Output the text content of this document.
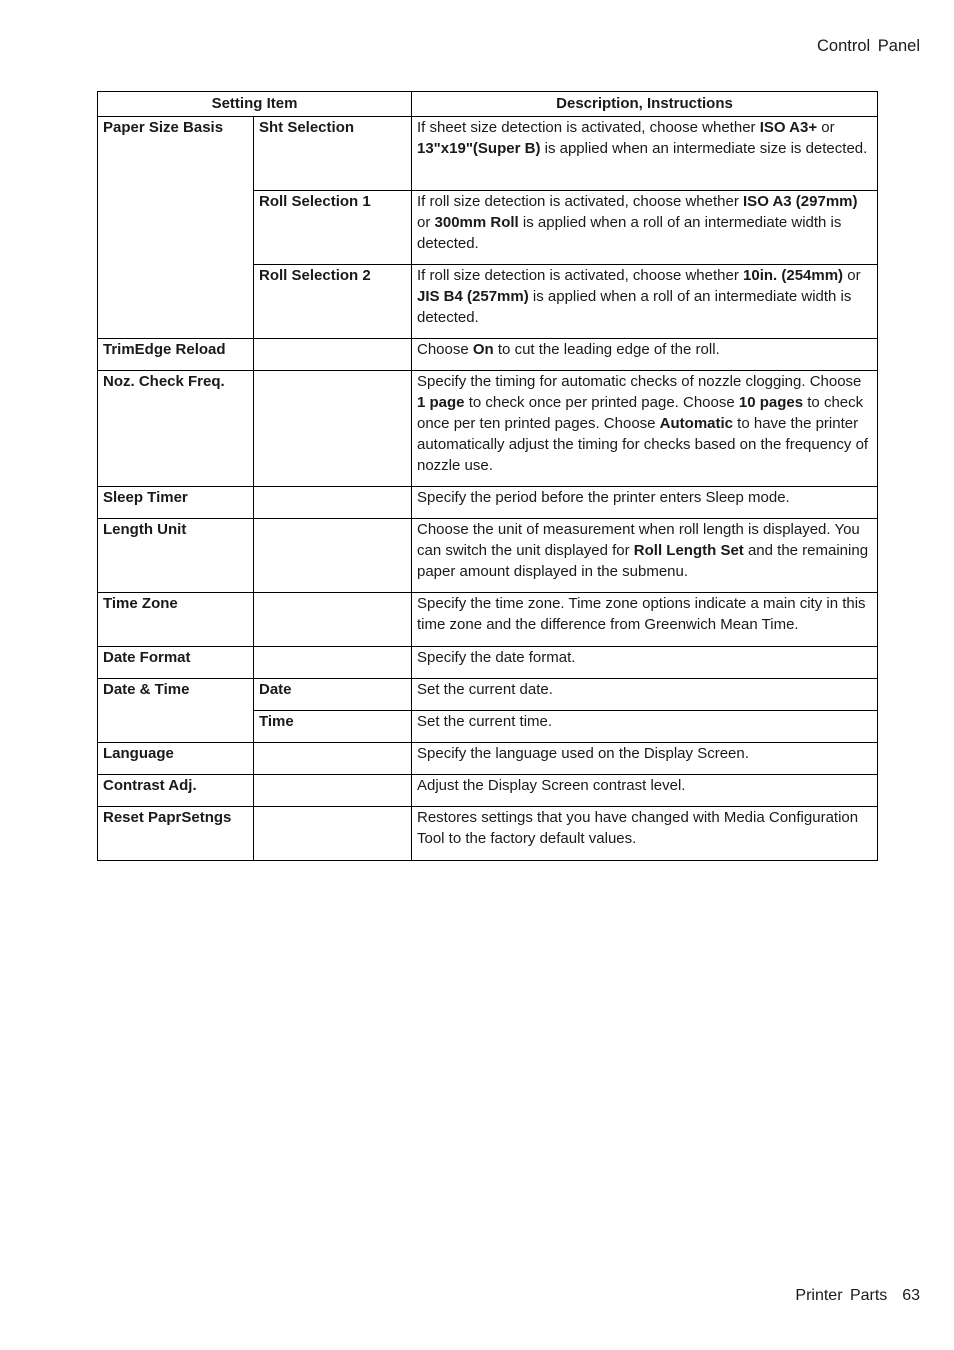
Control Panel
Setting Item		Description, Instructions
Paper Size Basis	Sht Selection	If sheet size detection is activated, choose whether ISO A3+ or 13"x19"(Super B) is applied when an intermediate size is detected.
	Roll Selection 1	If roll size detection is activated, choose whether ISO A3 (297mm) or 300mm Roll is applied when a roll of an intermediate width is detected.
	Roll Selection 2	If roll size detection is activated, choose whether 10in. (254mm) or JIS B4 (257mm) is applied when a roll of an intermediate width is detected.
TrimEdge Reload		Choose On to cut the leading edge of the roll.
Noz. Check Freq.		Specify the timing for automatic checks of nozzle clogging. Choose 1 page to check once per printed page. Choose 10 pages to check once per ten printed pages. Choose Automatic to have the printer automatically adjust the timing for checks based on the frequency of nozzle use.
Sleep Timer		Specify the period before the printer enters Sleep mode.
Length Unit		Choose the unit of measurement when roll length is displayed. You can switch the unit displayed for Roll Length Set and the remaining paper amount displayed in the submenu.
Time Zone		Specify the time zone. Time zone options indicate a main city in this time zone and the difference from Greenwich Mean Time.
Date Format		Specify the date format.
Date & Time	Date	Set the current date.
	Time	Set the current time.
Language		Specify the language used on the Display Screen.
Contrast Adj.		Adjust the Display Screen contrast level.
Reset PaprSetngs		Restores settings that you have changed with Media Configuration Tool to the factory default values.
Printer Parts 63
